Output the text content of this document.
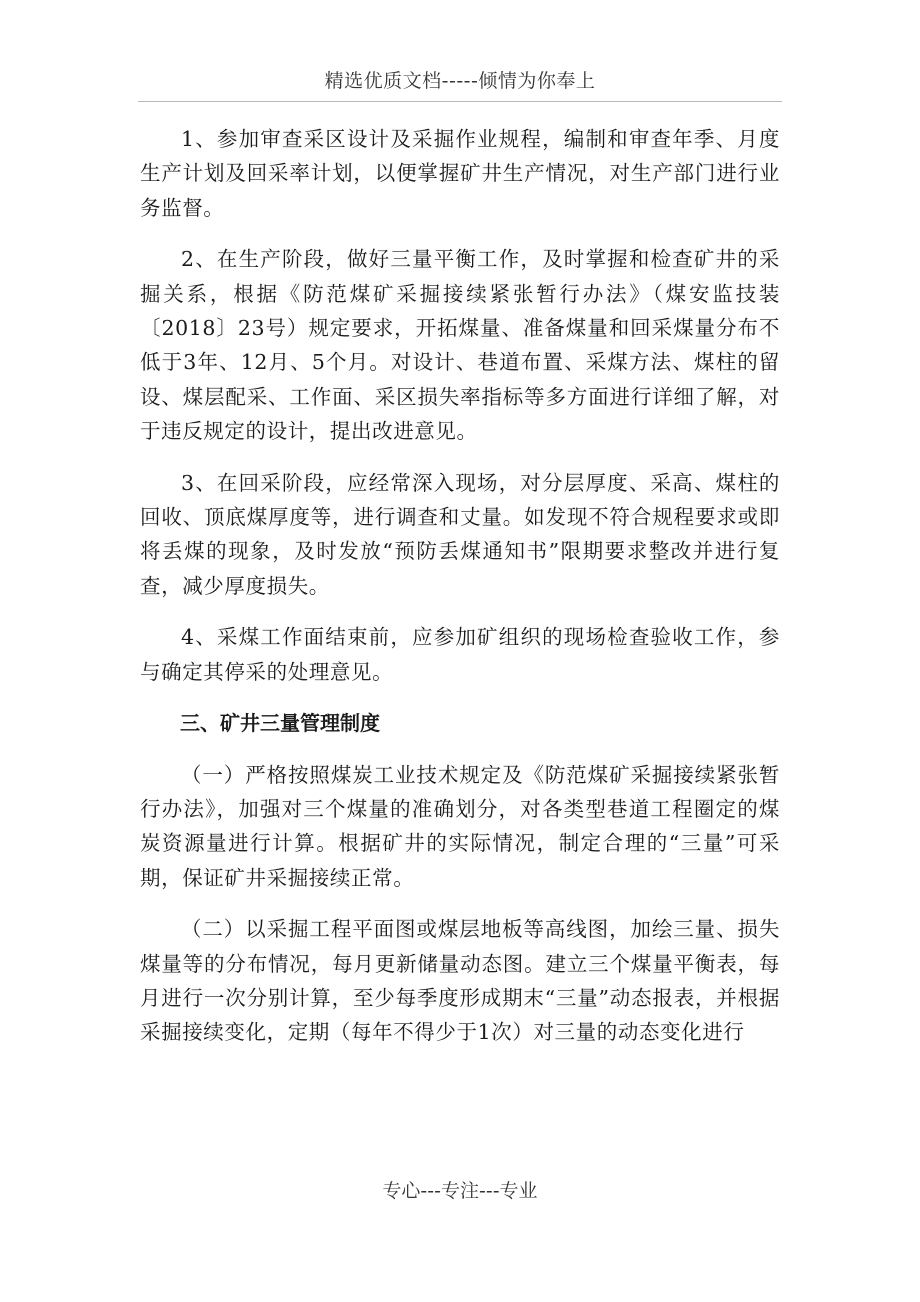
精选优质文档-----倾情为你奉上

1、参加审查采区设计及采掘作业规程，编制和审查年季、月度生产计划及回采率计划，以便掌握矿井生产情况，对生产部门进行业务监督。

2、在生产阶段，做好三量平衡工作，及时掌握和检查矿井的采掘关系，根据《防范煤矿采掘接续紧张暂行办法》（煤安监技装〔2018〕23号）规定要求，开拓煤量、准备煤量和回采煤量分布不低于3年、12月、5个月。对设计、巷道布置、采煤方法、煤柱的留设、煤层配采、工作面、采区损失率指标等多方面进行详细了解，对于违反规定的设计，提出改进意见。

3、在回采阶段，应经常深入现场，对分层厚度、采高、煤柱的回收、顶底煤厚度等，进行调查和丈量。如发现不符合规程要求或即将丢煤的现象，及时发放“预防丢煤通知书”限期要求整改并进行复查，减少厚度损失。

4、采煤工作面结束前，应参加矿组织的现场检查验收工作，参与确定其停采的处理意见。

三、矿井三量管理制度

（一）严格按照煤炭工业技术规定及《防范煤矿采掘接续紧张暂行办法》，加强对三个煤量的准确划分，对各类型巷道工程圈定的煤炭资源量进行计算。根据矿井的实际情况，制定合理的“三量”可采期，保证矿井采掘接续正常。

（二）以采掘工程平面图或煤层地板等高线图，加绘三量、损失煤量等的分布情况，每月更新储量动态图。建立三个煤量平衡表，每月进行一次分别计算，至少每季度形成期末“三量”动态报表，并根据采掘接续变化，定期（每年不得少于1次）对三量的动态变化进行

专心---专注---专业
